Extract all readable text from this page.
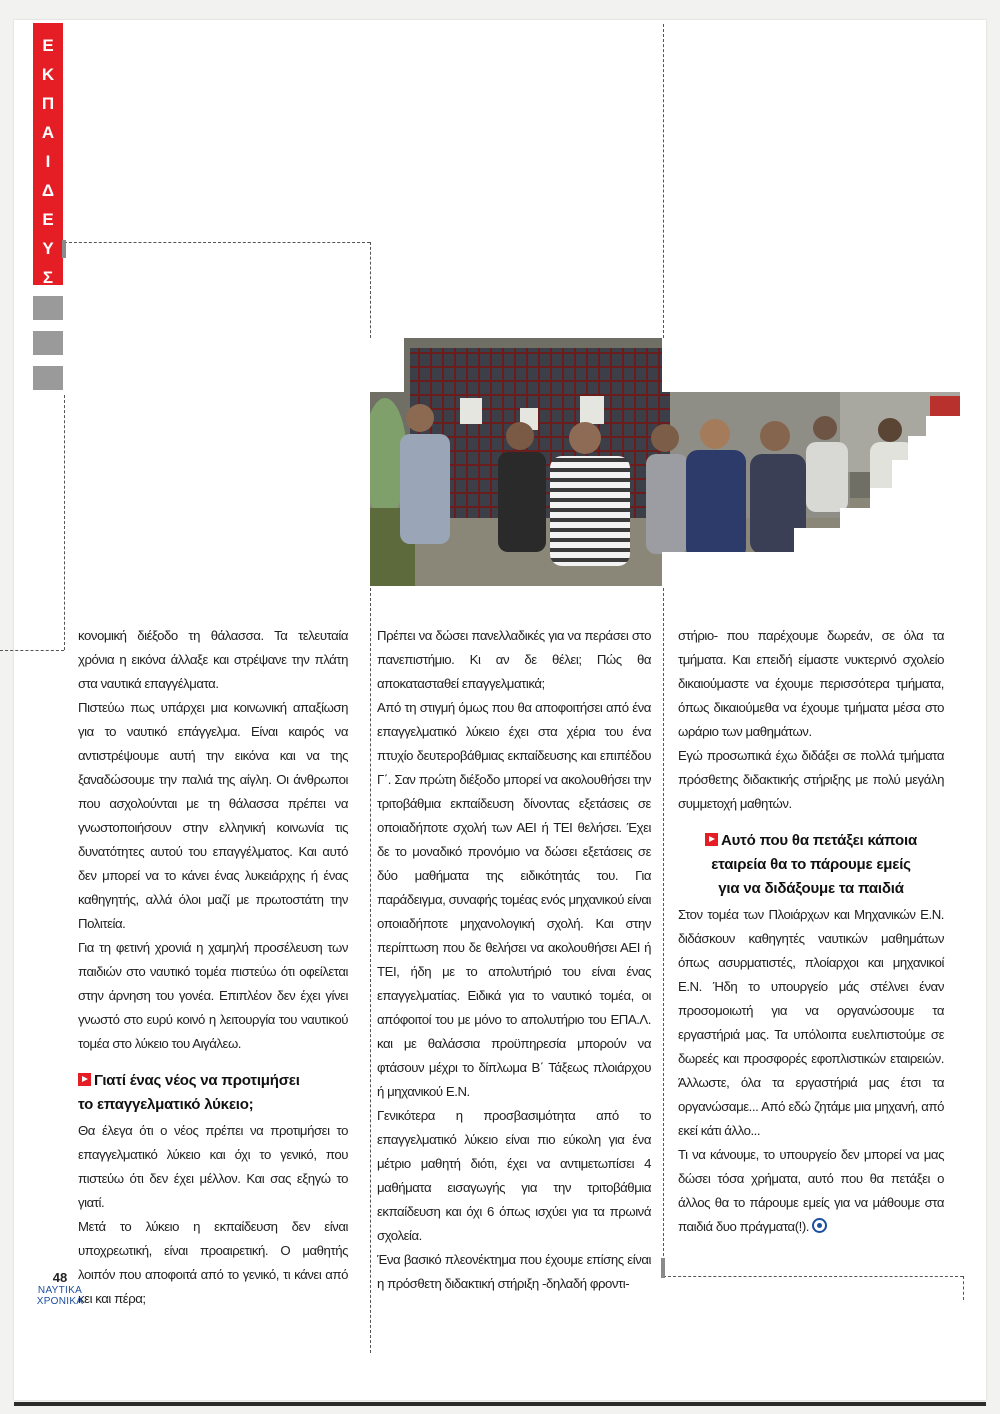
Ε
Κ
Π
Α
Ι
Δ
Ε
Υ
Σ

κονομική διέξοδο τη θάλασσα. Τα τελευταία χρόνια η εικόνα άλλαξε και στρέψανε την πλάτη στα ναυτικά επαγγέλματα.

Πιστεύω πως υπάρχει μια κοινωνική απαξίωση για το ναυτικό επάγγελμα. Είναι καιρός να αντιστρέψουμε αυτή την εικόνα και να της ξαναδώσουμε την παλιά της αίγλη. Οι άνθρωποι που ασχολούνται με τη θάλασσα πρέπει να γνωστοποιήσουν στην ελληνική κοινωνία τις δυνατότητες αυτού του επαγγέλματος. Και αυτό δεν μπορεί να το κάνει ένας λυκειάρχης ή ένας καθηγητής, αλλά όλοι μαζί με πρωτοστάτη την Πολιτεία.

Για τη φετινή χρονιά η χαμηλή προσέλευση των παιδιών στο ναυτικό τομέα πιστεύω ότι οφείλεται στην άρνηση του γονέα. Επιπλέον δεν έχει γίνει γνωστό στο ευρύ κοινό η λειτουργία του ναυτικού τομέα στο λύκειο του Αιγάλεω.

Γιατί ένας νέος να προτιμήσει
το επαγγελματικό λύκειο;

Θα έλεγα ότι ο νέος πρέπει να προτιμήσει το επαγγελματικό λύκειο και όχι το γενικό, που πιστεύω ότι δεν έχει μέλλον. Και σας εξηγώ το γιατί.

Μετά το λύκειο η εκπαίδευση δεν είναι υποχρεωτική, είναι προαιρετική. Ο μαθητής λοιπόν που αποφοιτά από το γενικό, τι κάνει από κει και πέρα;

Πρέπει να δώσει πανελλαδικές για να περάσει στο πανεπιστήμιο. Κι αν δε θέλει; Πώς θα αποκατασταθεί επαγγελματικά;

Από τη στιγμή όμως που θα αποφοιτήσει από ένα επαγγελματικό λύκειο έχει στα χέρια του ένα πτυχίο δευτεροβάθμιας εκπαίδευσης και επιπέδου Γ΄. Σαν πρώτη διέξοδο μπορεί να ακολουθήσει την τριτοβάθμια εκπαίδευση δίνοντας εξετάσεις σε οποιαδήποτε σχολή των ΑΕΙ ή ΤΕΙ θελήσει. Έχει δε το μοναδικό προνόμιο να δώσει εξετάσεις σε δύο μαθήματα της ειδικότητάς του. Για παράδειγμα, συναφής τομέας ενός μηχανικού είναι οποιαδήποτε μηχανολογική σχολή. Και στην περίπτωση που δε θελήσει να ακολουθήσει ΑΕΙ ή ΤΕΙ, ήδη με το απολυτήριό του είναι ένας επαγγελματίας. Ειδικά για το ναυτικό τομέα, οι απόφοιτοί του με μόνο το απολυτήριο του ΕΠΑ.Λ. και με θαλάσσια προϋπηρεσία μπορούν να φτάσουν μέχρι το δίπλωμα Β΄ Τάξεως πλοιάρχου ή μηχανικού Ε.Ν.

Γενικότερα η προσβασιμότητα από το επαγγελματικό λύκειο είναι πιο εύκολη για ένα μέτριο μαθητή διότι, έχει να αντιμετωπίσει 4 μαθήματα εισαγωγής για την τριτοβάθμια εκπαίδευση και όχι 6 όπως ισχύει για τα πρωινά σχολεία.

Ένα βασικό πλεονέκτημα που έχουμε επίσης είναι η πρόσθετη διδακτική στήριξη -δηλαδή φροντι-

στήριο- που παρέχουμε δωρεάν, σε όλα τα τμήματα. Και επειδή είμαστε νυκτερινό σχολείο δικαιούμαστε να έχουμε περισσότερα τμήματα, όπως δικαιούμεθα να έχουμε τμήματα μέσα στο ωράριο των μαθημάτων.

Εγώ προσωπικά έχω διδάξει σε πολλά τμήματα πρόσθετης διδακτικής στήριξης με πολύ μεγάλη συμμετοχή μαθητών.

Αυτό που θα πετάξει κάποια
εταιρεία θα το πάρουμε εμείς
για να διδάξουμε τα παιδιά

Στον τομέα των Πλοιάρχων και Μηχανικών Ε.Ν. διδάσκουν καθηγητές ναυτικών μαθημάτων όπως ασυρματιστές, πλοίαρχοι και μηχανικοί Ε.Ν. Ήδη το υπουργείο μάς στέλνει έναν προσομοιωτή για να οργανώσουμε τα εργαστήριά μας. Τα υπόλοιπα ευελπιστούμε σε δωρεές και προσφορές εφοπλιστικών εταιρειών. Άλλωστε, όλα τα εργαστήριά μας έτσι τα οργανώσαμε... Από εδώ ζητάμε μια μηχανή, από εκεί κάτι άλλο...

Τι να κάνουμε, το υπουργείο δεν μπορεί να μας δώσει τόσα χρήματα, αυτό που θα πετάξει ο άλλος θα το πάρουμε εμείς για να μάθουμε στα παιδιά δυο πράγματα(!).

48
ΝΑΥΤΙΚΑ
ΧΡΟΝΙΚΑ
